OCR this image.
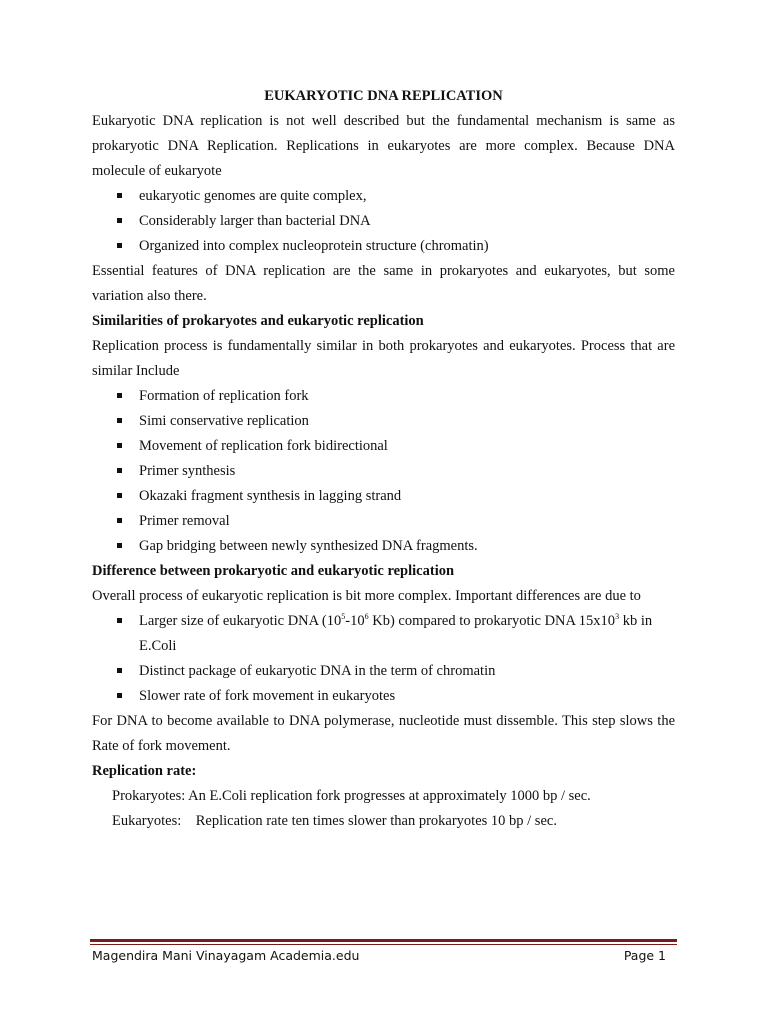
EUKARYOTIC DNA REPLICATION
Eukaryotic DNA replication is not well described but the fundamental mechanism is same as prokaryotic DNA Replication. Replications in eukaryotes are more complex. Because DNA molecule of eukaryote
eukaryotic genomes are quite complex,
Considerably larger than bacterial DNA
Organized into complex nucleoprotein structure (chromatin)
Essential features of DNA replication are the same in prokaryotes and eukaryotes, but some variation also there.
Similarities of prokaryotes and eukaryotic replication
Replication process is fundamentally similar in both prokaryotes and eukaryotes. Process that are similar Include
Formation of replication fork
Simi conservative replication
Movement of replication fork bidirectional
Primer synthesis
Okazaki fragment synthesis in lagging strand
Primer removal
Gap bridging between newly synthesized DNA fragments.
Difference between prokaryotic and eukaryotic replication
Overall process of eukaryotic replication is bit more complex. Important differences are due to
Larger size of eukaryotic DNA ($10^5-10^6$ Kb) compared to prokaryotic DNA $15x10^3$ kb in E.Coli
Distinct package of eukaryotic DNA in the term of chromatin
Slower rate of fork movement in eukaryotes
For DNA to become available to DNA polymerase, nucleotide must dissemble. This step slows the Rate of fork movement.
Replication rate:
Prokaryotes: An E.Coli replication fork progresses at approximately 1000 bp / sec.
Eukaryotes:    Replication rate ten times slower than prokaryotes 10 bp / sec.
Magendira Mani Vinayagam Academia.edu	Page 1
